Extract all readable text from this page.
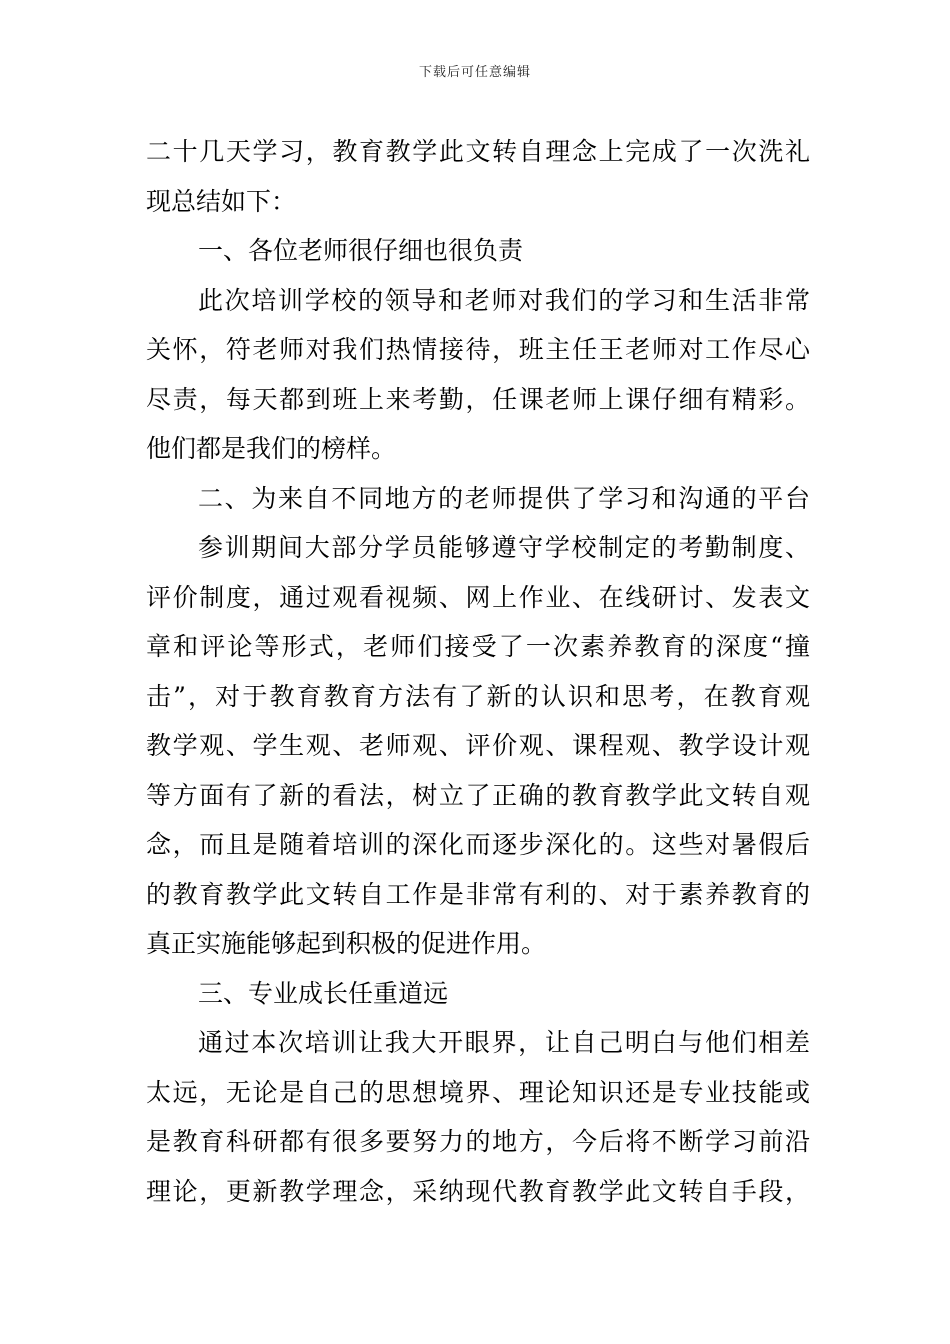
下载后可任意编辑
二十几天学习，教育教学此文转自理念上完成了一次洗礼
现总结如下：
一、各位老师很仔细也很负责
此次培训学校的领导和老师对我们的学习和生活非常
关怀，符老师对我们热情接待，班主任王老师对工作尽心
尽责，每天都到班上来考勤，任课老师上课仔细有精彩。
他们都是我们的榜样。
二、为来自不同地方的老师提供了学习和沟通的平台
参训期间大部分学员能够遵守学校制定的考勤制度、
评价制度，通过观看视频、网上作业、在线研讨、发表文
章和评论等形式，老师们接受了一次素养教育的深度“撞
击”，对于教育教育方法有了新的认识和思考，在教育观
教学观、学生观、老师观、评价观、课程观、教学设计观
等方面有了新的看法，树立了正确的教育教学此文转自观
念，而且是随着培训的深化而逐步深化的。这些对暑假后
的教育教学此文转自工作是非常有利的、对于素养教育的
真正实施能够起到积极的促进作用。
三、专业成长任重道远
通过本次培训让我大开眼界，让自己明白与他们相差
太远，无论是自己的思想境界、理论知识还是专业技能或
是教育科研都有很多要努力的地方，今后将不断学习前沿
理论，更新教学理念，采纳现代教育教学此文转自手段，
